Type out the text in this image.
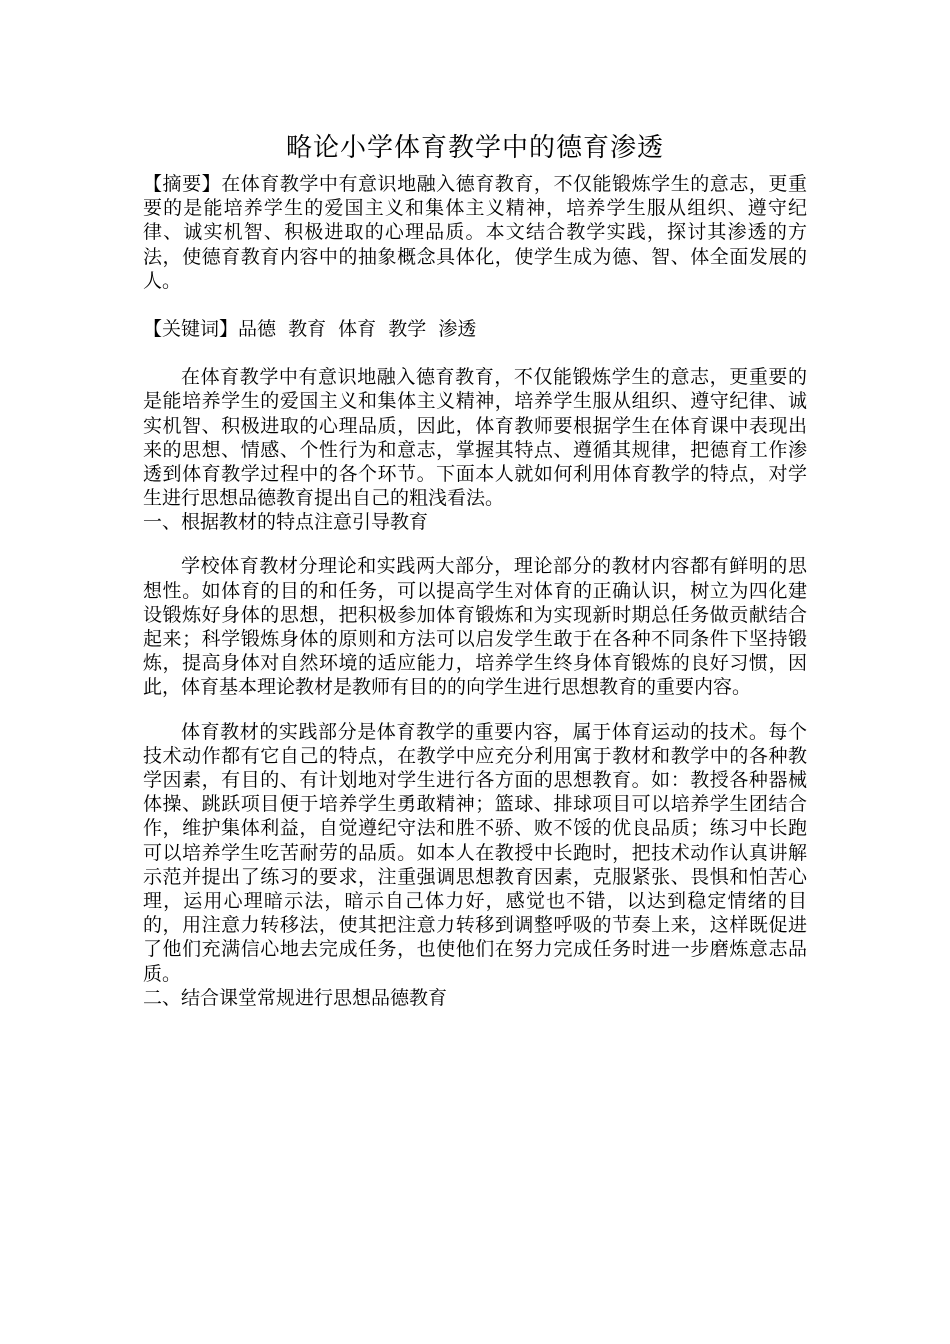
略论小学体育教学中的德育渗透

【摘要】在体育教学中有意识地融入德育教育，不仅能锻炼学生的意志，更重要的是能培养学生的爱国主义和集体主义精神，培养学生服从组织、遵守纪律、诚实机智、积极进取的心理品质。本文结合教学实践，探讨其渗透的方法，使德育教育内容中的抽象概念具体化，使学生成为德、智、体全面发展的人。

【关键词】品德  教育  体育  教学  渗透

在体育教学中有意识地融入德育教育，不仅能锻炼学生的意志，更重要的是能培养学生的爱国主义和集体主义精神，培养学生服从组织、遵守纪律、诚实机智、积极进取的心理品质，因此，体育教师要根据学生在体育课中表现出来的思想、情感、个性行为和意志，掌握其特点、遵循其规律，把德育工作渗透到体育教学过程中的各个环节。下面本人就如何利用体育教学的特点，对学生进行思想品德教育提出自己的粗浅看法。

一、根据教材的特点注意引导教育

学校体育教材分理论和实践两大部分，理论部分的教材内容都有鲜明的思想性。如体育的目的和任务，可以提高学生对体育的正确认识，树立为四化建设锻炼好身体的思想，把积极参加体育锻炼和为实现新时期总任务做贡献结合起来；科学锻炼身体的原则和方法可以启发学生敢于在各种不同条件下坚持锻炼，提高身体对自然环境的适应能力，培养学生终身体育锻炼的良好习惯，因此，体育基本理论教材是教师有目的的向学生进行思想教育的重要内容。

体育教材的实践部分是体育教学的重要内容，属于体育运动的技术。每个技术动作都有它自己的特点，在教学中应充分利用寓于教材和教学中的各种教学因素，有目的、有计划地对学生进行各方面的思想教育。如：教授各种器械体操、跳跃项目便于培养学生勇敢精神；篮球、排球项目可以培养学生团结合作，维护集体利益，自觉遵纪守法和胜不骄、败不馁的优良品质；练习中长跑可以培养学生吃苦耐劳的品质。如本人在教授中长跑时，把技术动作认真讲解示范并提出了练习的要求，注重强调思想教育因素，克服紧张、畏惧和怕苦心理，运用心理暗示法，暗示自己体力好，感觉也不错，以达到稳定情绪的目的，用注意力转移法，使其把注意力转移到调整呼吸的节奏上来，这样既促进了他们充满信心地去完成任务，也使他们在努力完成任务时进一步磨炼意志品质。

二、结合课堂常规进行思想品德教育
